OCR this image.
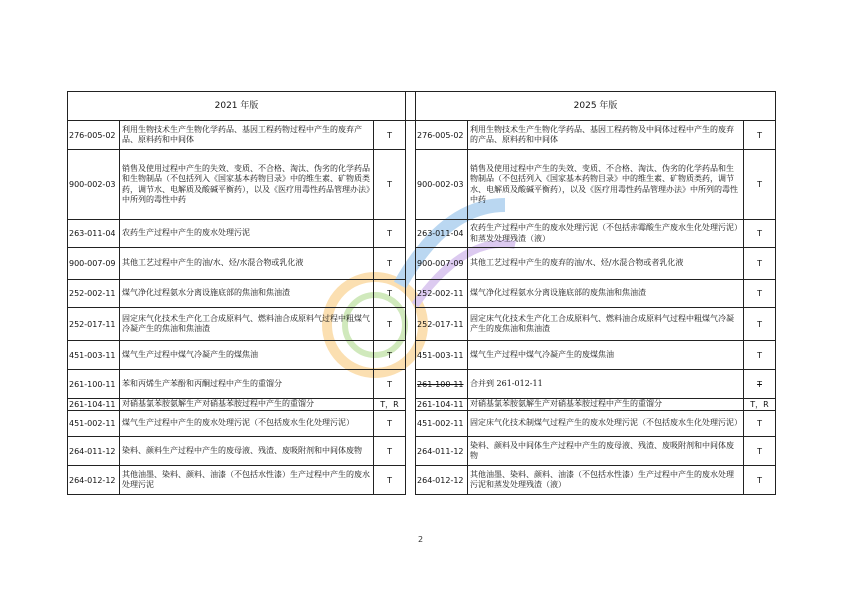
2021 年版				2025 年版		
276-005-02	利用生物技术生产生物化学药品、基因工程药物过程中产生的废弃产品、原料药和中间体	T		276-005-02	利用生物技术生产生物化学药品、基因工程药物及中间体过程中产生的废弃的产品、原料药和中间体	T
900-002-03	销售及使用过程中产生的失效、变质、不合格、淘汰、伪劣的化学药品和生物制品（不包括列入《国家基本药物目录》中的维生素、矿物质类药，调节水、电解质及酸碱平衡药），以及《医疗用毒性药品管理办法》中所列的毒性中药	T		900-002-03	销售及使用过程中产生的失效、变质、不合格、淘汰、伪劣的化学药品和生物制品（不包括列入《国家基本药物目录》中的维生素、矿物质类药，调节水、电解质及酸碱平衡药），以及《医疗用毒性药品管理办法》中所列的毒性中药	T
263-011-04	农药生产过程中产生的废水处理污泥	T		263-011-04	农药生产过程中产生的废水处理污泥（不包括赤霉酸生产废水生化处理污泥）和蒸发处理残渣（液）	T
900-007-09	其他工艺过程中产生的油/水、烃/水混合物或乳化液	T		900-007-09	其他工艺过程中产生的废弃的油/水、烃/水混合物或者乳化液	T
252-002-11	煤气净化过程氨水分离设施底部的焦油和焦油渣	T		252-002-11	煤气净化过程氨水分离设施底部的废焦油和焦油渣	T
252-017-11	固定床气化技术生产化工合成原料气、燃料油合成原料气过程中粗煤气冷凝产生的焦油和焦油渣	T		252-017-11	固定床气化技术生产化工合成原料气、燃料油合成原料气过程中粗煤气冷凝产生的废焦油和焦油渣	T
451-003-11	煤气生产过程中煤气冷凝产生的煤焦油	T		451-003-11	煤气生产过程中煤气冷凝产生的废煤焦油	T
261-100-11	苯和丙烯生产苯酚和丙酮过程中产生的重馏分	T		261-100-11	合并到 261-012-11	T
261-104-11	对硝基氯苯胺氨解生产对硝基苯胺过程中产生的重馏分	T，R		261-104-11	对硝基氯苯胺氨解生产对硝基苯胺过程中产生的重馏分	T，R
451-002-11	煤气生产过程中产生的废水处理污泥（不包括废水生化处理污泥）	T		451-002-11	固定床气化技术制煤气过程产生的废水处理污泥（不包括废水生化处理污泥）	T
264-011-12	染料、颜料生产过程中产生的废母液、残渣、废吸附剂和中间体废物	T		264-011-12	染料、颜料及中间体生产过程中产生的废母液、残渣、废吸附剂和中间体废物	T
264-012-12	其他油墨、染料、颜料、油漆（不包括水性漆）生产过程中产生的废水处理污泥	T		264-012-12	其他油墨、染料、颜料、油漆（不包括水性漆）生产过程中产生的废水处理污泥和蒸发处理残渣（液）	T
2
